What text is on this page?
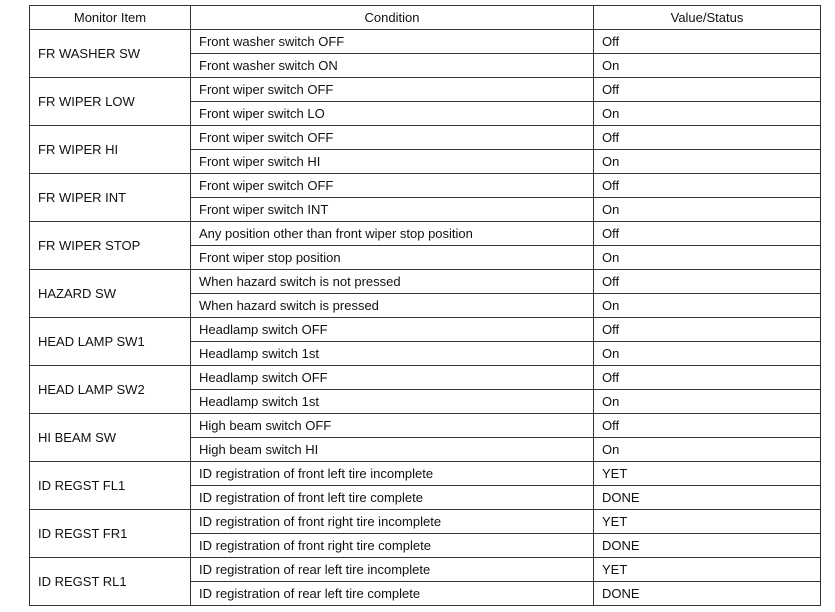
Monitor Item	Condition	Value/Status
FR WASHER SW	Front washer switch OFF	Off
	Front washer switch ON	On
FR WIPER LOW	Front wiper switch OFF	Off
	Front wiper switch LO	On
FR WIPER HI	Front wiper switch OFF	Off
	Front wiper switch HI	On
FR WIPER INT	Front wiper switch OFF	Off
	Front wiper switch INT	On
FR WIPER STOP	Any position other than front wiper stop position	Off
	Front wiper stop position	On
HAZARD SW	When hazard switch is not pressed	Off
	When hazard switch is pressed	On
HEAD LAMP SW1	Headlamp switch OFF	Off
	Headlamp switch 1st	On
HEAD LAMP SW2	Headlamp switch OFF	Off
	Headlamp switch 1st	On
HI BEAM SW	High beam switch OFF	Off
	High beam switch HI	On
ID REGST FL1	ID registration of front left tire incomplete	YET
	ID registration of front left tire complete	DONE
ID REGST FR1	ID registration of front right tire incomplete	YET
	ID registration of front right tire complete	DONE
ID REGST RL1	ID registration of rear left tire incomplete	YET
	ID registration of rear left tire complete	DONE
